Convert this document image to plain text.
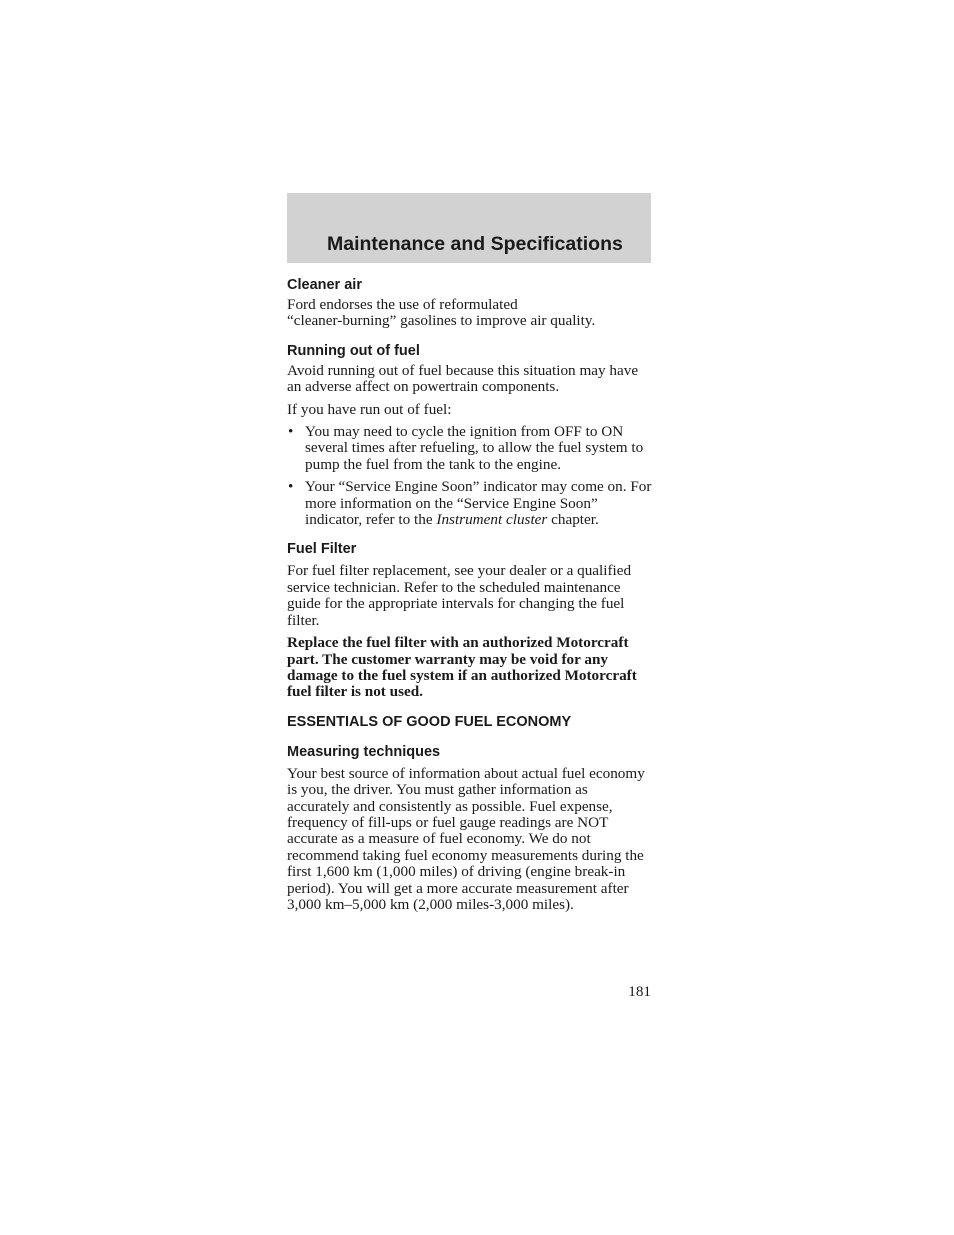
Maintenance and Specifications
Cleaner air

Ford endorses the use of reformulated
“cleaner-burning” gasolines to improve air quality.

Running out of fuel

Avoid running out of fuel because this situation may have an adverse affect on powertrain components.

If you have run out of fuel:

• You may need to cycle the ignition from OFF to ON several times after refueling, to allow the fuel system to pump the fuel from the tank to the engine.
• Your “Service Engine Soon” indicator may come on. For more information on the “Service Engine Soon” indicator, refer to the Instrument cluster chapter.
Fuel Filter

For fuel filter replacement, see your dealer or a qualified service technician. Refer to the scheduled maintenance guide for the appropriate intervals for changing the fuel filter.

Replace the fuel filter with an authorized Motorcraft part. The customer warranty may be void for any damage to the fuel system if an authorized Motorcraft fuel filter is not used.

ESSENTIALS OF GOOD FUEL ECONOMY
Measuring techniques

Your best source of information about actual fuel economy is you, the driver. You must gather information as accurately and consistently as possible. Fuel expense, frequency of fill-ups or fuel gauge readings are NOT accurate as a measure of fuel economy. We do not recommend taking fuel economy measurements during the first 1,600 km (1,000 miles) of driving (engine break-in period). You will get a more accurate measurement after 3,000 km–5,000 km (2,000 miles-3,000 miles).

181
